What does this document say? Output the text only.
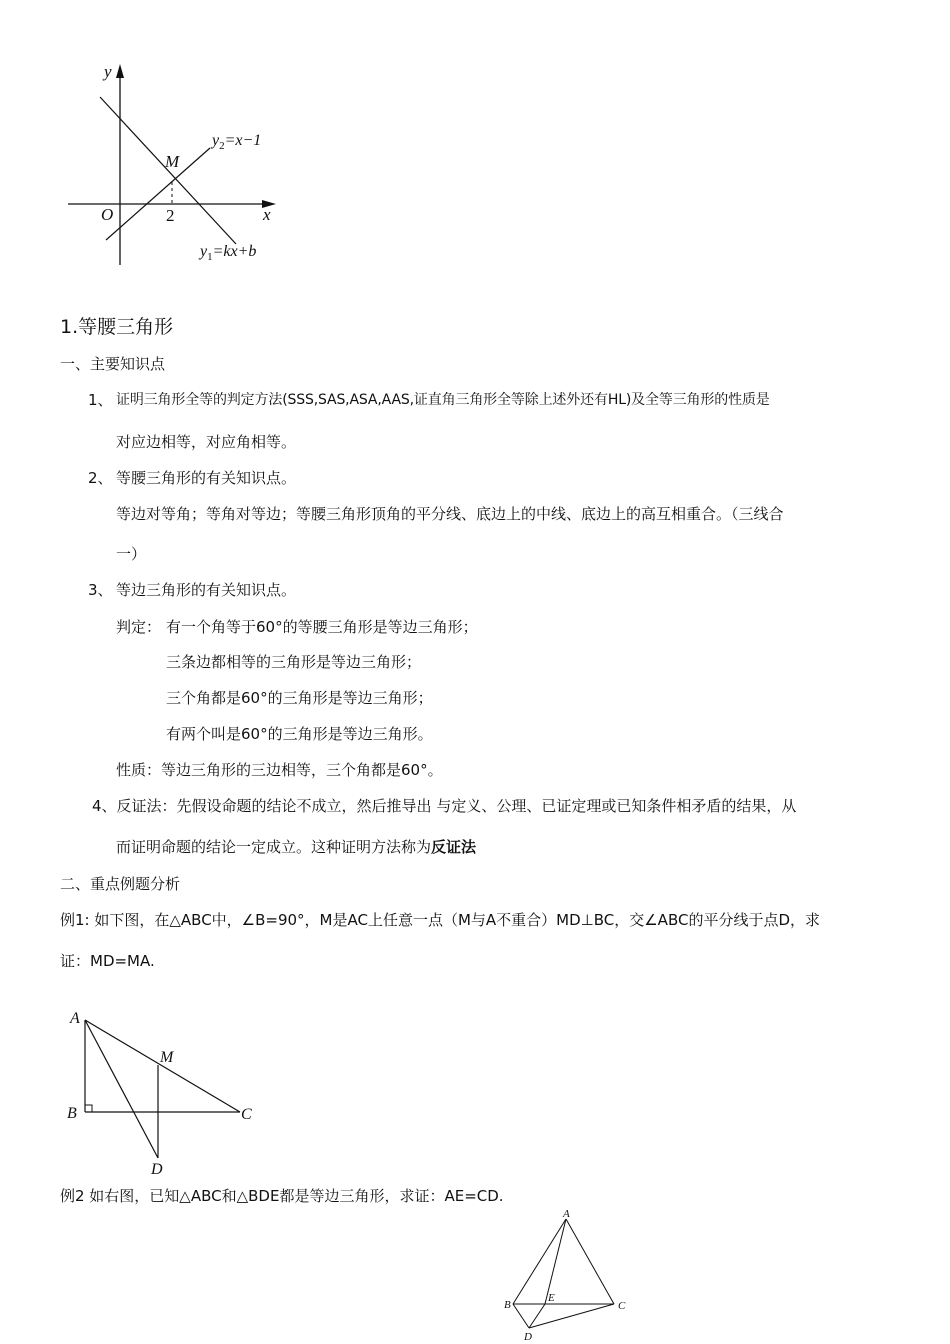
y
x
O	2
M
$y_2=x-1$
$y_1=kx+b$
1.等腰三角形
一、主要知识点
1、 证明三角形全等的判定方法(SSS,SAS,ASA,AAS,证直角三角形全等除上述外还有HL)及全等三角形的性质是
对应边相等，对应角相等。
2、 等腰三角形的有关知识点。
等边对等角；等角对等边；等腰三角形顶角的平分线、底边上的中线、底边上的高互相重合。（三线合
一）
3、 等边三角形的有关知识点。
判定： 有一个角等于60°的等腰三角形是等边三角形；
三条边都相等的三角形是等边三角形；
三个角都是60°的三角形是等边三角形；
有两个叫是60°的三角形是等边三角形。
性质：等边三角形的三边相等，三个角都是60°。
4、反证法：先假设命题的结论不成立，然后推导出 与定义、公理、已证定理或已知条件相矛盾的结果，从
而证明命题的结论一定成立。这种证明方法称为反证法
二、重点例题分析
例1: 如下图，在△ABC中，∠B=90°，M是AC上任意一点（M与A不重合）MD⊥BC，交∠ABC的平分线于点D，求
证：MD=MA.
A
M
B	C
D
例2 如右图，已知△ABC和△BDE都是等边三角形，求证：AE=CD.
A
B
E
C
D
